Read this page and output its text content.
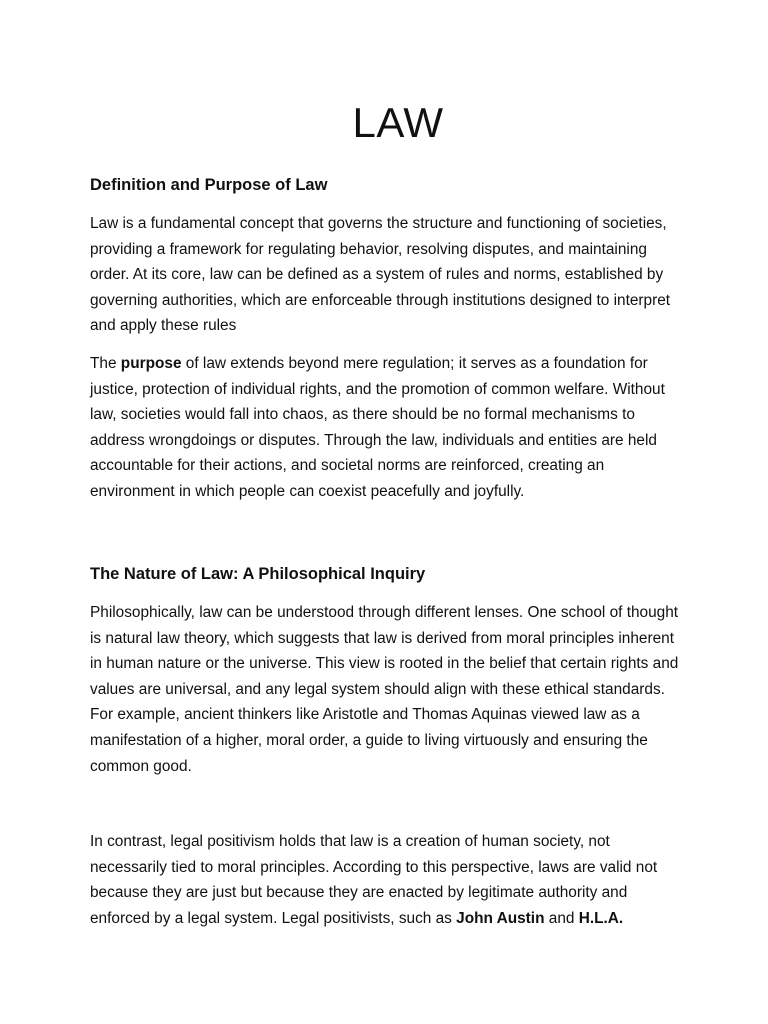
LAW
Definition and Purpose of Law

Law is a fundamental concept that governs the structure and functioning of societies, providing a framework for regulating behavior, resolving disputes, and maintaining order. At its core, law can be defined as a system of rules and norms, established by governing authorities, which are enforceable through institutions designed to interpret and apply these rules

The purpose of law extends beyond mere regulation; it serves as a foundation for justice, protection of individual rights, and the promotion of common welfare. Without law, societies would fall into chaos, as there should be no formal mechanisms to address wrongdoings or disputes. Through the law, individuals and entities are held accountable for their actions, and societal norms are reinforced, creating an environment in which people can coexist peacefully and joyfully.

The Nature of Law: A Philosophical Inquiry

Philosophically, law can be understood through different lenses. One school of thought is natural law theory, which suggests that law is derived from moral principles inherent in human nature or the universe. This view is rooted in the belief that certain rights and values are universal, and any legal system should align with these ethical standards. For example, ancient thinkers like Aristotle and Thomas Aquinas viewed law as a manifestation of a higher, moral order, a guide to living virtuously and ensuring the common good.

In contrast, legal positivism holds that law is a creation of human society, not necessarily tied to moral principles. According to this perspective, laws are valid not because they are just but because they are enacted by legitimate authority and enforced by a legal system. Legal positivists, such as John Austin and H.L.A.
